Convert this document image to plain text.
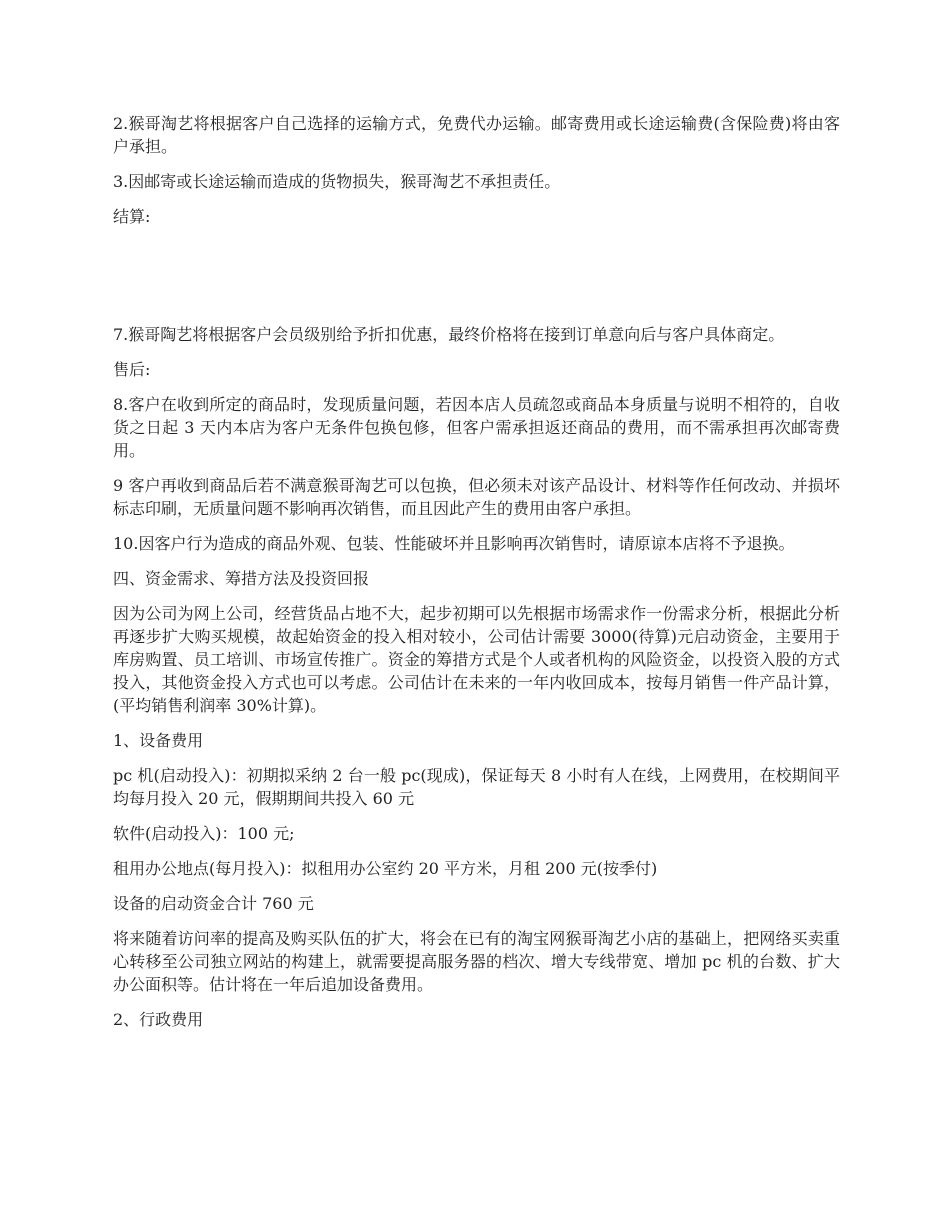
2.猴哥淘艺将根据客户自己选择的运输方式，免费代办运输。邮寄费用或长途运输费(含保险费)将由客户承担。

3.因邮寄或长途运输而造成的货物损失，猴哥淘艺不承担责任。

结算:

7.猴哥陶艺将根据客户会员级别给予折扣优惠，最终价格将在接到订单意向后与客户具体商定。

售后:

8.客户在收到所定的商品时，发现质量问题，若因本店人员疏忽或商品本身质量与说明不相符的，自收货之日起 3 天内本店为客户无条件包换包修，但客户需承担返还商品的费用，而不需承担再次邮寄费用。

9 客户再收到商品后若不满意猴哥淘艺可以包换，但必须未对该产品设计、材料等作任何改动、并损坏标志印刷，无质量问题不影响再次销售，而且因此产生的费用由客户承担。

10.因客户行为造成的商品外观、包装、性能破坏并且影响再次销售时，请原谅本店将不予退换。

四、资金需求、筹措方法及投资回报

因为公司为网上公司，经营货品占地不大，起步初期可以先根据市场需求作一份需求分析，根据此分析再逐步扩大购买规模，故起始资金的投入相对较小，公司估计需要 3000(待算)元启动资金，主要用于库房购置、员工培训、市场宣传推广。资金的筹措方式是个人或者机构的风险资金，以投资入股的方式投入，其他资金投入方式也可以考虑。公司估计在未来的一年内收回成本，按每月销售一件产品计算， (平均销售利润率 30%计算)。

1、设备费用

pc 机(启动投入)：初期拟采纳 2 台一般 pc(现成)，保证每天 8 小时有人在线，上网费用，在校期间平均每月投入 20 元，假期期间共投入 60 元

软件(启动投入)：100 元;

租用办公地点(每月投入)：拟租用办公室约 20 平方米，月租 200 元(按季付)

设备的启动资金合计 760 元

将来随着访问率的提高及购买队伍的扩大，将会在已有的淘宝网猴哥淘艺小店的基础上，把网络买卖重心转移至公司独立网站的构建上，就需要提高服务器的档次、增大专线带宽、增加 pc 机的台数、扩大办公面积等。估计将在一年后追加设备费用。

2、行政费用
